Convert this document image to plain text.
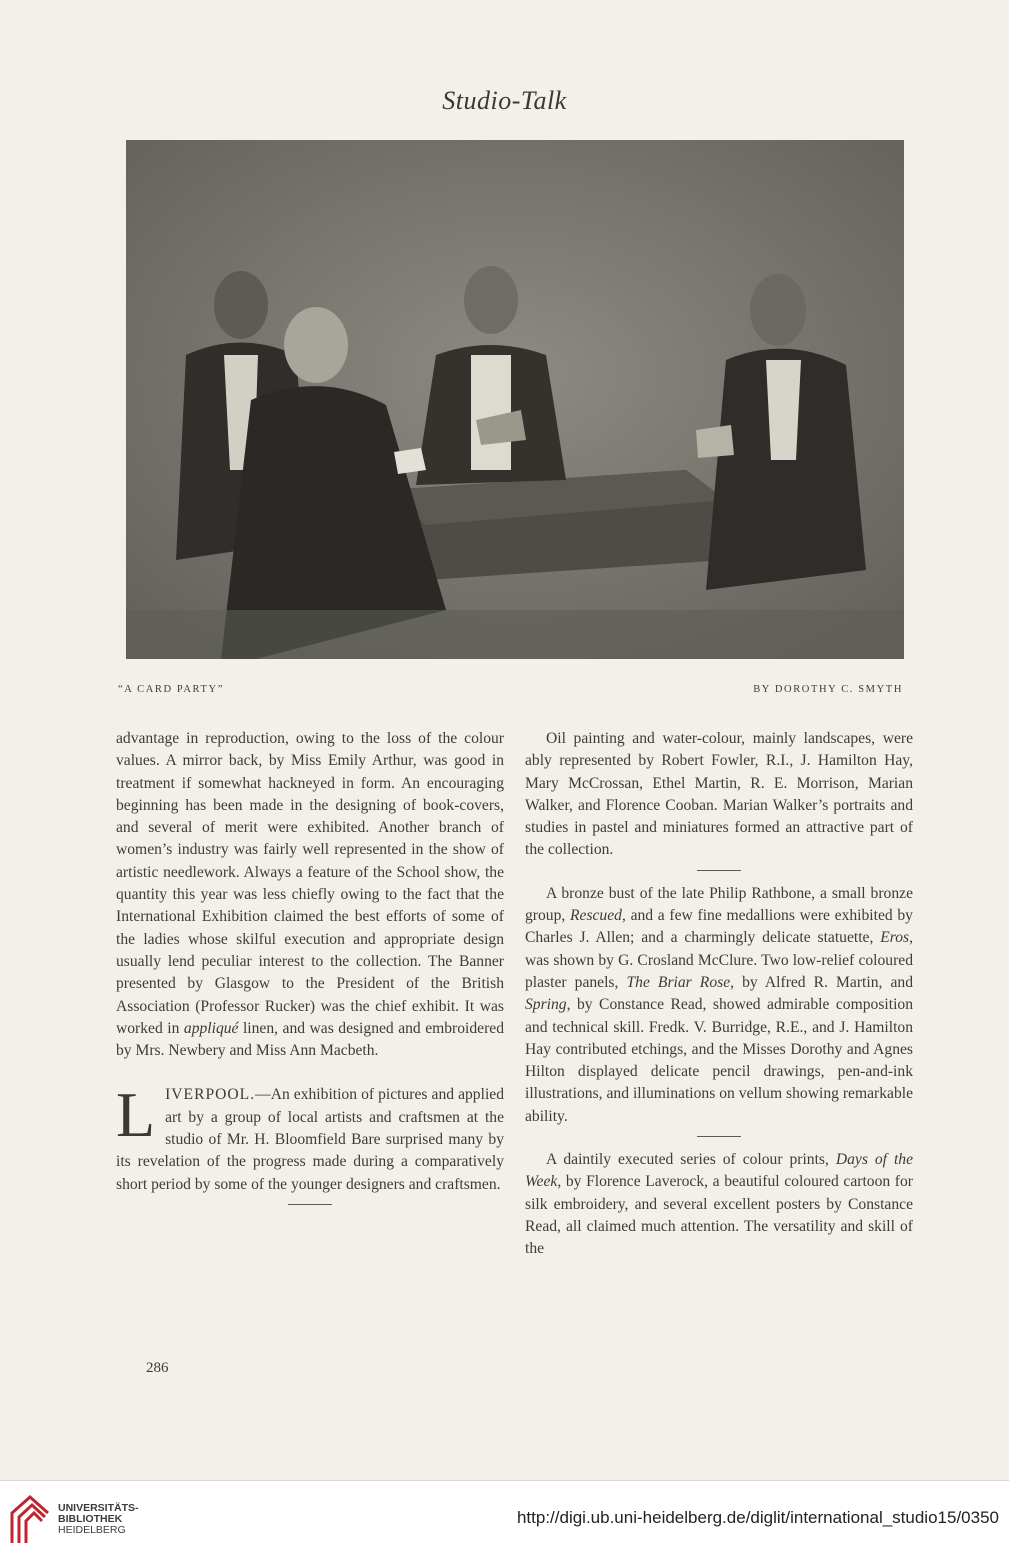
Studio-Talk
“A CARD PARTY”	BY DOROTHY C. SMYTH

advantage in reproduction, owing to the loss of the colour values. A mirror back, by Miss Emily Arthur, was good in treatment if somewhat hackneyed in form. An encouraging beginning has been made in the designing of book-covers, and several of merit were exhibited. Another branch of women’s industry was fairly well represented in the show of artistic needlework. Always a feature of the School show, the quantity this year was less chiefly owing to the fact that the International Exhibition claimed the best efforts of some of the ladies whose skilful execution and appropriate design usually lend peculiar interest to the collection. The Banner presented by Glasgow to the President of the British Association (Professor Rucker) was the chief exhibit. It was worked in appliqué linen, and was designed and embroidered by Mrs. Newbery and Miss Ann Macbeth.

LIVERPOOL.—An exhibition of pictures and applied art by a group of local artists and craftsmen at the studio of Mr. H. Bloomfield Bare surprised many by its revelation of the progress made during a comparatively short period by some of the younger designers and craftsmen.

Oil painting and water-colour, mainly landscapes, were ably represented by Robert Fowler, R.I., J. Hamilton Hay, Mary McCrossan, Ethel Martin, R. E. Morrison, Marian Walker, and Florence Cooban. Marian Walker’s portraits and studies in pastel and miniatures formed an attractive part of the collection.

A bronze bust of the late Philip Rathbone, a small bronze group, Rescued, and a few fine medallions were exhibited by Charles J. Allen; and a charmingly delicate statuette, Eros, was shown by G. Crosland McClure. Two low-relief coloured plaster panels, The Briar Rose, by Alfred R. Martin, and Spring, by Constance Read, showed admirable composition and technical skill. Fredk. V. Burridge, R.E., and J. Hamilton Hay contributed etchings, and the Misses Dorothy and Agnes Hilton displayed delicate pencil drawings, pen-and-ink illustrations, and illuminations on vellum showing remarkable ability.

A daintily executed series of colour prints, Days of the Week, by Florence Laverock, a beautiful coloured cartoon for silk embroidery, and several excellent posters by Constance Read, all claimed much attention. The versatility and skill of the

286
UNIVERSITÄTS-
BIBLIOTHEK
HEIDELBERG
http://digi.ub.uni-heidelberg.de/diglit/international_studio15/0350
